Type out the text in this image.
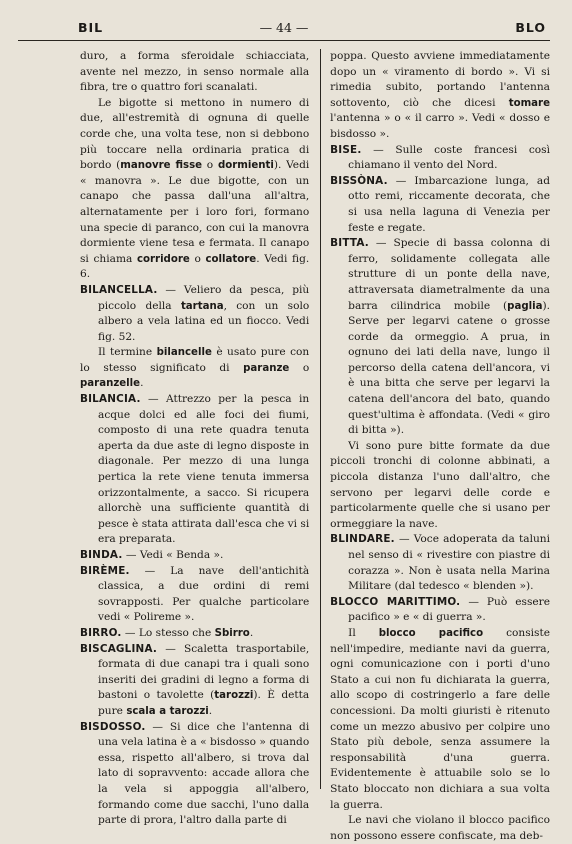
BIL	— 44 —	BLO

duro, a forma sferoidale schiacciata, avente nel mezzo, in senso normale alla fibra, tre o quattro fori scanalati.

Le bigotte si mettono in numero di due, all'estremità di ognuna di quelle corde che, una volta tese, non si debbono più toccare nella ordinaria pratica di bordo (manovre fisse o dormienti). Vedi « manovra ». Le due bigotte, con un canapo che passa dall'una all'altra, alternatamente per i loro fori, formano una specie di paranco, con cui la manovra dormiente viene tesa e fermata. Il canapo si chiama corridore o collatore. Vedi fig. 6.

BILANCELLA. — Veliero da pesca, più piccolo della tartana, con un solo albero a vela latina ed un fiocco. Vedi fig. 52.

Il termine bilancelle è usato pure con lo stesso significato di paranze o paranzelle.

BILANCIA. — Attrezzo per la pesca in acque dolci ed alle foci dei fiumi, composto di una rete quadra tenuta aperta da due aste di legno disposte in diagonale. Per mezzo di una lunga pertica la rete viene tenuta immersa orizzontalmente, a sacco. Si ricupera allorchè una sufficiente quantità di pesce è stata attirata dall'esca che vi si era preparata.

BINDA. — Vedi « Benda ».

BIRÈME. — La nave dell'antichità classica, a due ordini di remi sovrapposti. Per qualche particolare vedi « Polireme ».

BIRRO. — Lo stesso che Sbirro.

BISCAGLINA. — Scaletta trasportabile, formata di due canapi tra i quali sono inseriti dei gradini di legno a forma di bastoni o tavolette (tarozzi). È detta pure scala a tarozzi.

BISDOSSO. — Si dice che l'antenna di una vela latina è a « bisdosso » quando essa, rispetto all'albero, si trova dal lato di sopravvento: accade allora che la vela si appoggia all'albero, formando come due sacchi, l'uno dalla parte di prora, l'altro dalla parte di

poppa. Questo avviene immediatamente dopo un « viramento di bordo ». Vi si rimedia subito, portando l'antenna sottovento, ciò che dicesi tomare l'antenna » o « il carro ». Vedi « dosso e bisdosso ».

BISE. — Sulle coste francesi così chiamano il vento del Nord.

BISSÒNA. — Imbarcazione lunga, ad otto remi, riccamente decorata, che si usa nella laguna di Venezia per feste e regate.

BITTA. — Specie di bassa colonna di ferro, solidamente collegata alle strutture di un ponte della nave, attraversata diametralmente da una barra cilindrica mobile (paglia). Serve per legarvi catene o grosse corde da ormeggio. A prua, in ognuno dei lati della nave, lungo il percorso della catena dell'ancora, vi è una bitta che serve per legarvi la catena dell'ancora del bato, quando quest'ultima è affondata. (Vedi « giro di bitta »).

Vi sono pure bitte formate da due piccoli tronchi di colonne abbinati, a piccola distanza l'uno dall'altro, che servono per legarvi delle corde e particolarmente quelle che si usano per ormeggiare la nave.

BLINDARE. — Voce adoperata da taluni nel senso di « rivestire con piastre di corazza ». Non è usata nella Marina Militare (dal tedesco « blenden »).

BLOCCO MARITTIMO. — Può essere pacifico » e « di guerra ».

Il blocco pacifico consiste nell'impedire, mediante navi da guerra, ogni comunicazione con i porti d'uno Stato a cui non fu dichiarata la guerra, allo scopo di costringerlo a fare delle concessioni. Da molti giuristi è ritenuto come un mezzo abusivo per colpire uno Stato più debole, senza assumere la responsabilità d'una guerra. Evidentemente è attuabile solo se lo Stato bloccato non dichiara a sua volta la guerra.

Le navi che violano il blocco pacifico non possono essere confiscate, ma deb-
